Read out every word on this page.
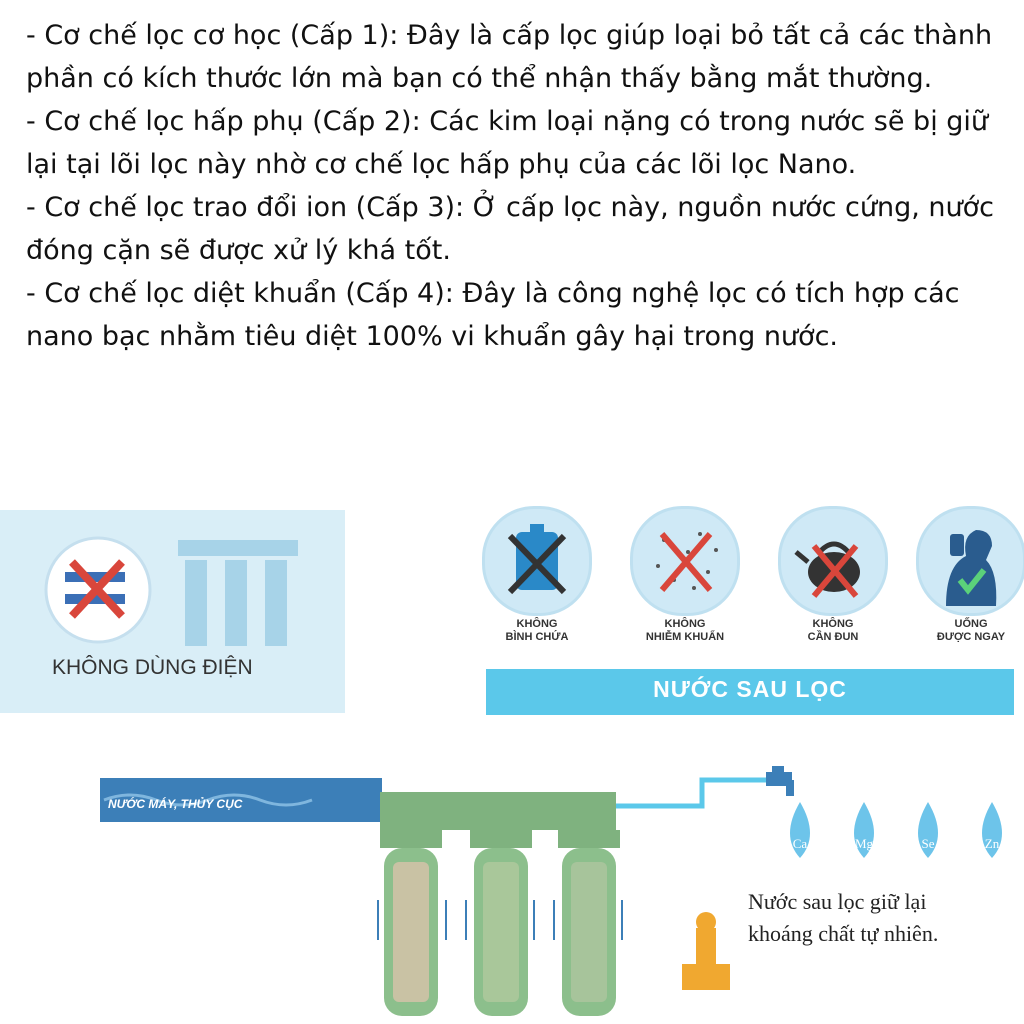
- Cơ chế lọc cơ học (Cấp 1): Đây là cấp lọc giúp loại bỏ tất cả các thành phần có kích thước lớn mà bạn có thể nhận thấy bằng mắt thường.

- Cơ chế lọc hấp phụ (Cấp 2): Các kim loại nặng có trong nước sẽ bị giữ lại tại lõi lọc này nhờ cơ chế lọc hấp phụ của các lõi lọc Nano.

- Cơ chế lọc trao đổi ion (Cấp 3): Ở cấp lọc này, nguồn nước cứng, nước đóng cặn sẽ được xử lý khá tốt.

- Cơ chế lọc diệt khuẩn (Cấp 4): Đây là công nghệ lọc có tích hợp các nano bạc nhằm tiêu diệt 100% vi khuẩn gây hại trong nước.

KHÔNG DÙNG ĐIỆN
KHÔNG
BÌNH CHỨA
KHÔNG
NHIỄM KHUẨN
KHÔNG
CẦN ĐUN
UỐNG
ĐƯỢC NGAY
NƯỚC SAU LỌC
NƯỚC MÁY, THỦY CỤC
Ca	Mg	Se	Zn
Nước sau lọc giữ lại
khoáng chất tự nhiên.
